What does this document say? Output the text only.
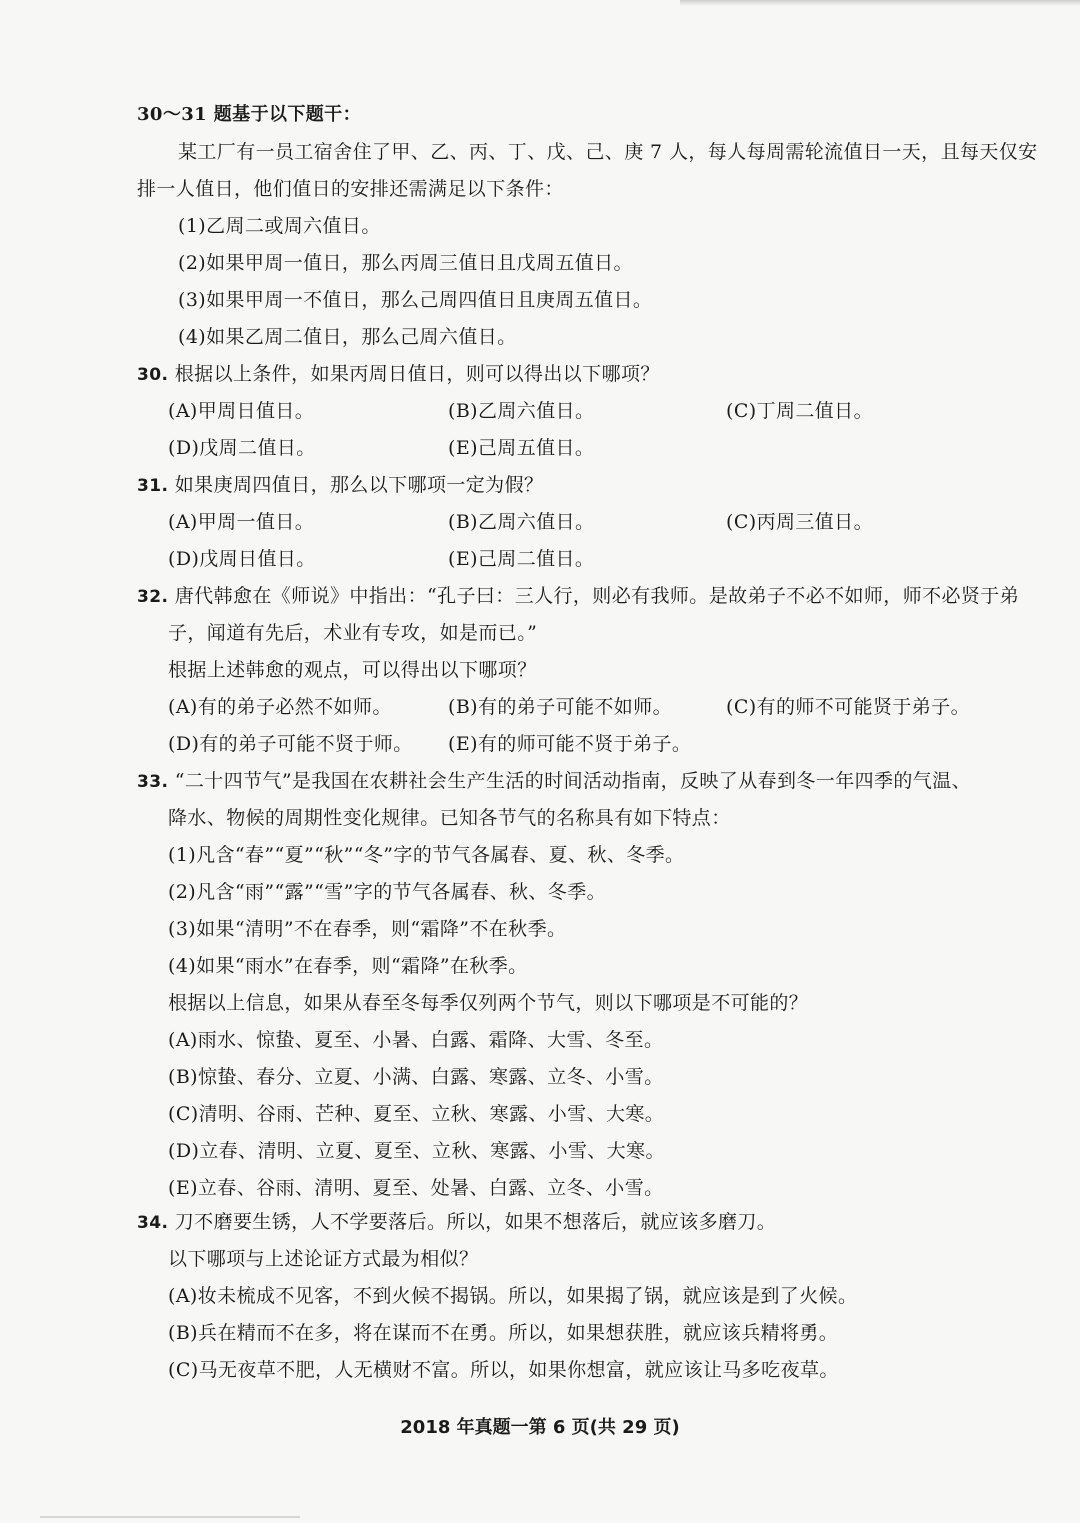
30～31 题基于以下题干：
某工厂有一员工宿舍住了甲、乙、丙、丁、戊、己、庚 7 人，每人每周需轮流值日一天，且每天仅安
排一人值日，他们值日的安排还需满足以下条件：
(1)乙周二或周六值日。
(2)如果甲周一值日，那么丙周三值日且戊周五值日。
(3)如果甲周一不值日，那么己周四值日且庚周五值日。
(4)如果乙周二值日，那么己周六值日。
30. 根据以上条件，如果丙周日值日，则可以得出以下哪项？
(A)甲周日值日。	(B)乙周六值日。	(C)丁周二值日。
(D)戊周二值日。	(E)己周五值日。
31. 如果庚周四值日，那么以下哪项一定为假？
(A)甲周一值日。	(B)乙周六值日。	(C)丙周三值日。
(D)戊周日值日。	(E)己周二值日。
32. 唐代韩愈在《师说》中指出：“孔子曰：三人行，则必有我师。是故弟子不必不如师，师不必贤于弟
子，闻道有先后，术业有专攻，如是而已。”
根据上述韩愈的观点，可以得出以下哪项？
(A)有的弟子必然不如师。	(B)有的弟子可能不如师。	(C)有的师不可能贤于弟子。
(D)有的弟子可能不贤于师。 (E)有的师可能不贤于弟子。
33. “二十四节气”是我国在农耕社会生产生活的时间活动指南，反映了从春到冬一年四季的气温、
降水、物候的周期性变化规律。已知各节气的名称具有如下特点：
(1)凡含“春”“夏”“秋”“冬”字的节气各属春、夏、秋、冬季。
(2)凡含“雨”“露”“雪”字的节气各属春、秋、冬季。
(3)如果“清明”不在春季，则“霜降”不在秋季。
(4)如果“雨水”在春季，则“霜降”在秋季。
根据以上信息，如果从春至冬每季仅列两个节气，则以下哪项是不可能的？
(A)雨水、惊蛰、夏至、小暑、白露、霜降、大雪、冬至。
(B)惊蛰、春分、立夏、小满、白露、寒露、立冬、小雪。
(C)清明、谷雨、芒种、夏至、立秋、寒露、小雪、大寒。
(D)立春、清明、立夏、夏至、立秋、寒露、小雪、大寒。
(E)立春、谷雨、清明、夏至、处暑、白露、立冬、小雪。
34. 刀不磨要生锈，人不学要落后。所以，如果不想落后，就应该多磨刀。
以下哪项与上述论证方式最为相似？
(A)妆未梳成不见客，不到火候不揭锅。所以，如果揭了锅，就应该是到了火候。
(B)兵在精而不在多，将在谋而不在勇。所以，如果想获胜，就应该兵精将勇。
(C)马无夜草不肥，人无横财不富。所以，如果你想富，就应该让马多吃夜草。
2018 年真题一第 6 页(共 29 页)
